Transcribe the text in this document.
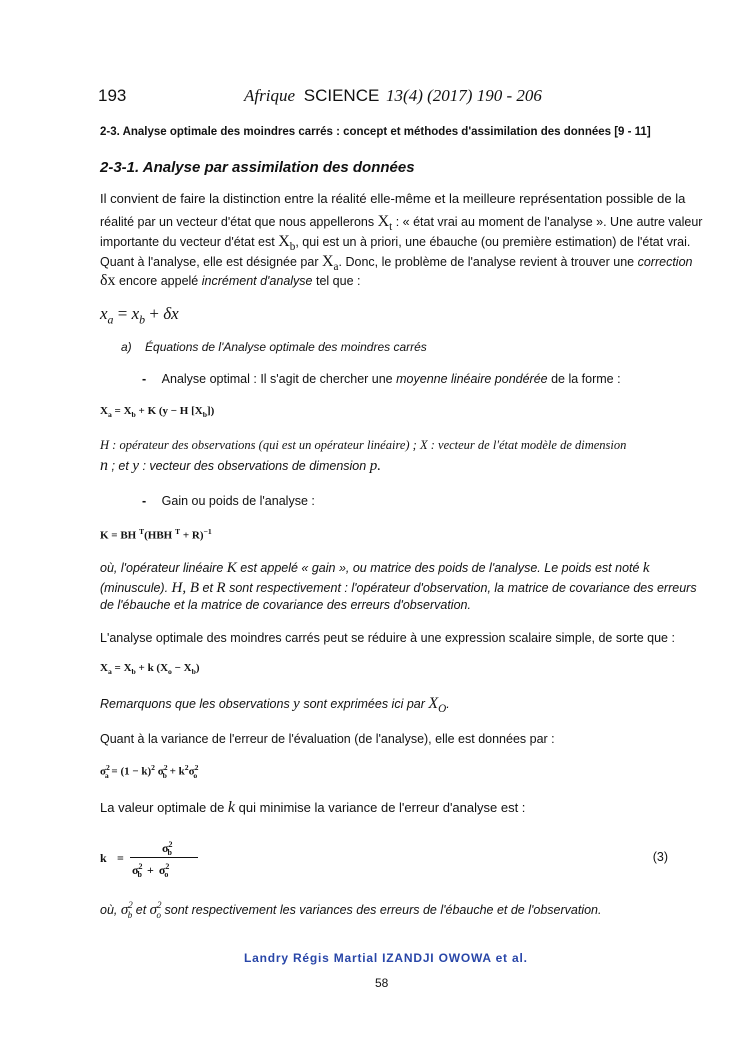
193	Afrique SCIENCE 13(4) (2017) 190 - 206
2-3. Analyse optimale des moindres carrés : concept et méthodes d'assimilation des données [9 - 11]
2-3-1. Analyse par assimilation des données
Il convient de faire la distinction entre la réalité elle-même et la meilleure représentation possible de la
réalité par un vecteur d'état que nous appellerons $X_t$ : « état vrai au moment de l'analyse ». Une autre valeur
importante du vecteur d'état est $X_b$, qui est un à priori, une ébauche (ou première estimation) de l'état vrai.
Quant à l'analyse, elle est désignée par $X_a$. Donc, le problème de l'analyse revient à trouver une correction
δx encore appelé incrément d'analyse tel que :
$x_a = x_b + \delta x$
a) Équations de l'Analyse optimale des moindres carrés
- Analyse optimal : Il s'agit de chercher une moyenne linéaire pondérée de la forme :
$X_a = X_b + K$ (y − H $[X_b]$)
H : opérateur des observations (qui est un opérateur linéaire) ; X : vecteur de l'état modèle de dimension
n ; et y : vecteur des observations de dimension p.
- Gain ou poids de l'analyse :
K = BH $^T$(HBH $^T$ + R)$^{-1}$
où, l'opérateur linéaire K est appelé « gain », ou matrice des poids de l'analyse. Le poids est noté k
(minuscule). H, B et R sont respectivement : l'opérateur d'observation, la matrice de covariance des erreurs
de l'ébauche et la matrice de covariance des erreurs d'observation.
L'analyse optimale des moindres carrés peut se réduire à une expression scalaire simple, de sorte que :
$X_a = X_b + k$ $(X_o - X_b)$
Remarquons que les observations y sont exprimées ici par $X_O$.
Quant à la variance de l'erreur de l'évaluation (de l'analyse), elle est données par :
$\sigma^2_a = (1 - k)^2$ $\sigma^2_b + k^2\sigma^2_o$
La valeur optimale de k qui minimise la variance de l'erreur d'analyse est :
k =
$\sigma^2_b$
$\sigma^2_b + \sigma^2_o$
(3)
où, $\sigma^2_b$ et $\sigma^2_o$ sont respectivement les variances des erreurs de l'ébauche et de l'observation.
Landry Régis Martial IZANDJI OWOWA et al.
58
